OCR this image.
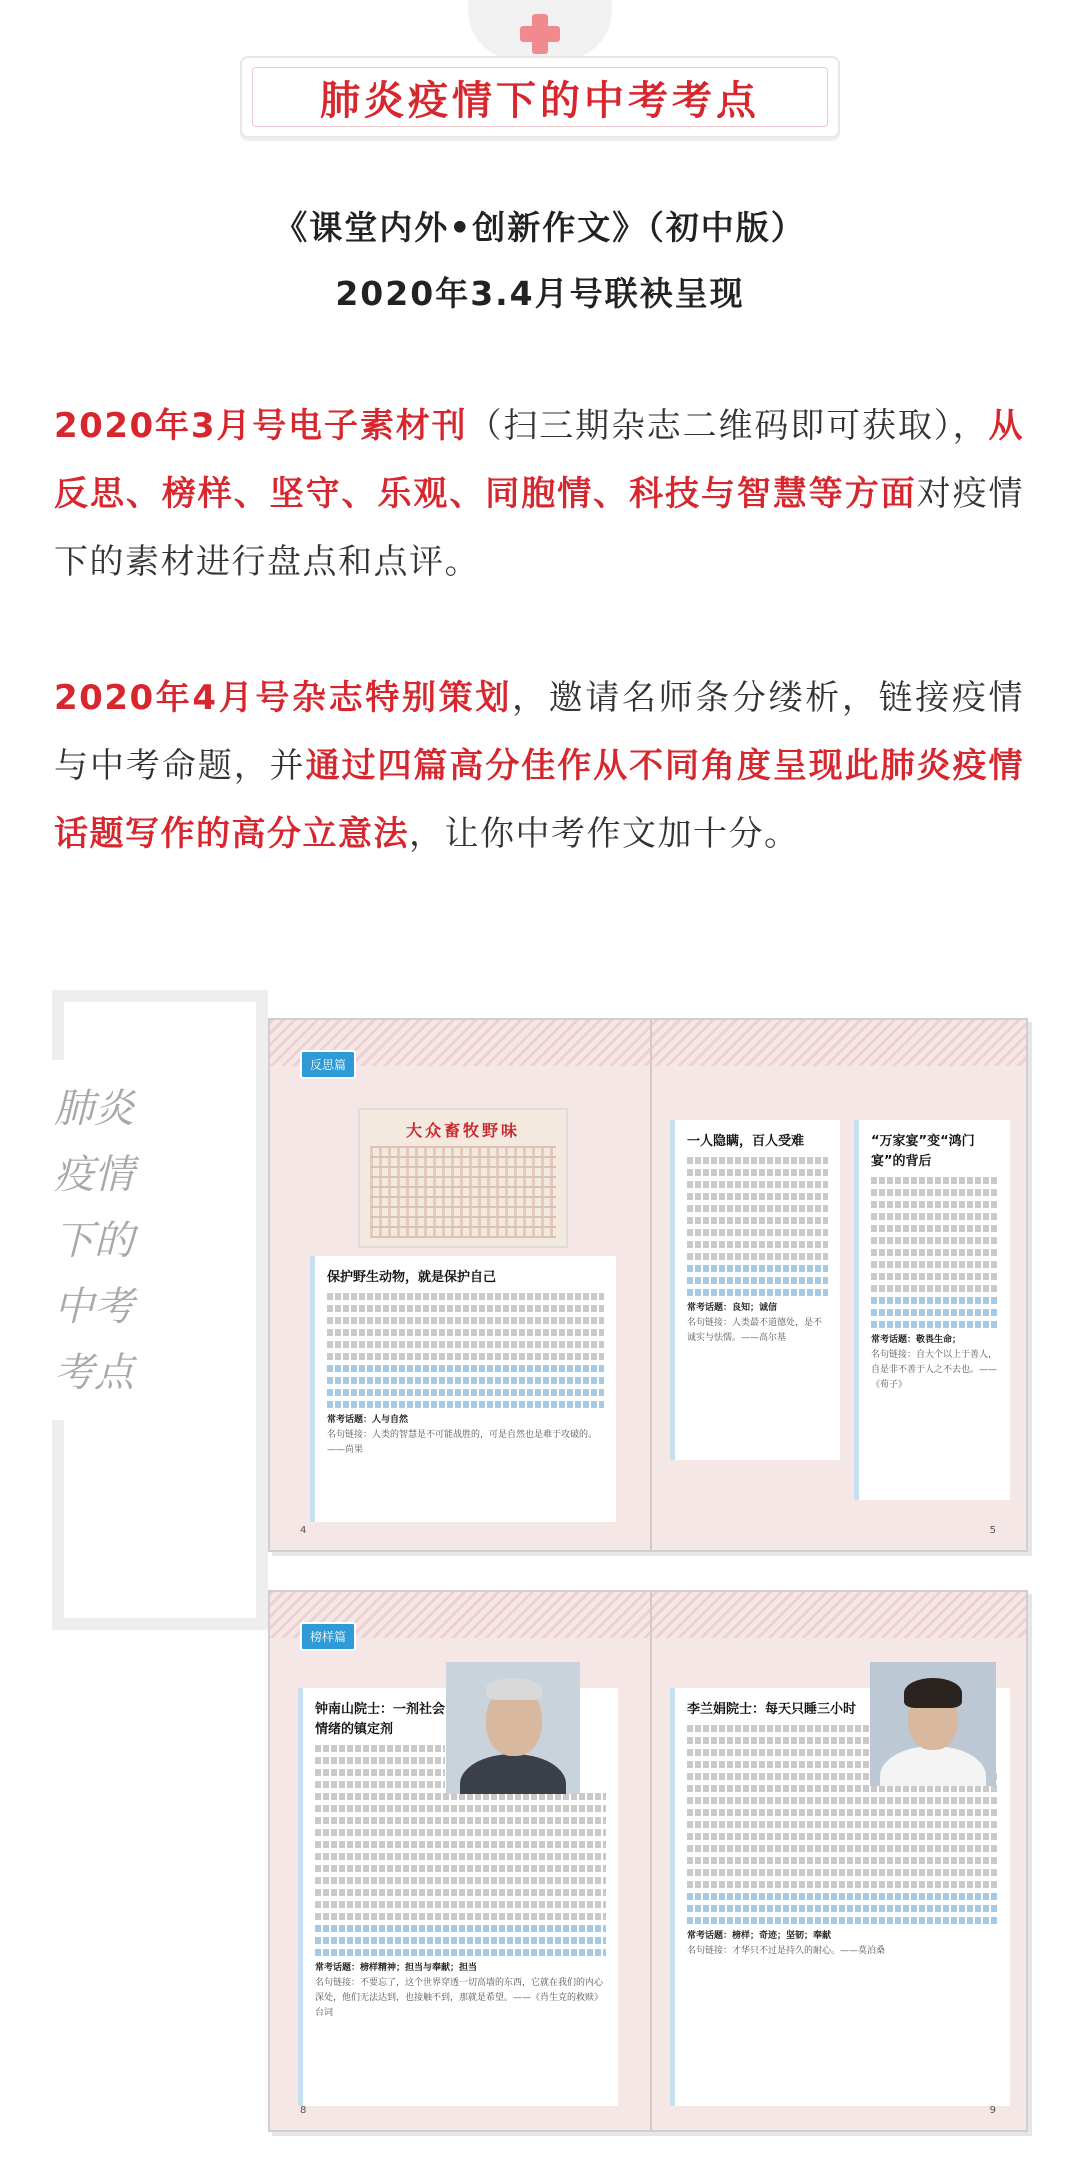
肺炎疫情下的中考考点
《课堂内外•创新作文》（初中版）
2020年3.4月号联袂呈现

2020年3月号电子素材刊（扫三期杂志二维码即可获取），从反思、榜样、坚守、乐观、同胞情、科技与智慧等方面对疫情下的素材进行盘点和点评。

2020年4月号杂志特别策划，邀请名师条分缕析，链接疫情与中考命题，并通过四篇高分佳作从不同角度呈现此肺炎疫情话题写作的高分立意法，让你中考作文加十分。

肺炎
疫情
下的
中考
考点
反思篇
大众畜牧野味
保护野生动物，就是保护自己
常考话题：人与自然
名句链接：人类的智慧是不可能战胜的，可是自然也是难于攻破的。——尚果
一人隐瞒，百人受难
常考话题：良知；诚信
名句链接：人类最不道德处，是不诚实与怯懦。——高尔基
“万家宴”变“鸿门宴”的背后
常考话题：敬畏生命；
名句链接：自大个以上于善人，自是非不善于人之不去也。——《荀子》
4	5
榜样篇
钟南山院士：一剂社会情绪的镇定剂
常考话题：榜样精神；担当与奉献；担当
名句链接：不要忘了，这个世界穿透一切高墙的东西，它就在我们的内心深处，他们无法达到，也接触不到，那就是希望。——《肖生克的救赎》台词
李兰娟院士：每天只睡三小时
常考话题：榜样；奇迹；坚韧；奉献
名句链接：才华只不过是持久的耐心。——莫泊桑
8	9
